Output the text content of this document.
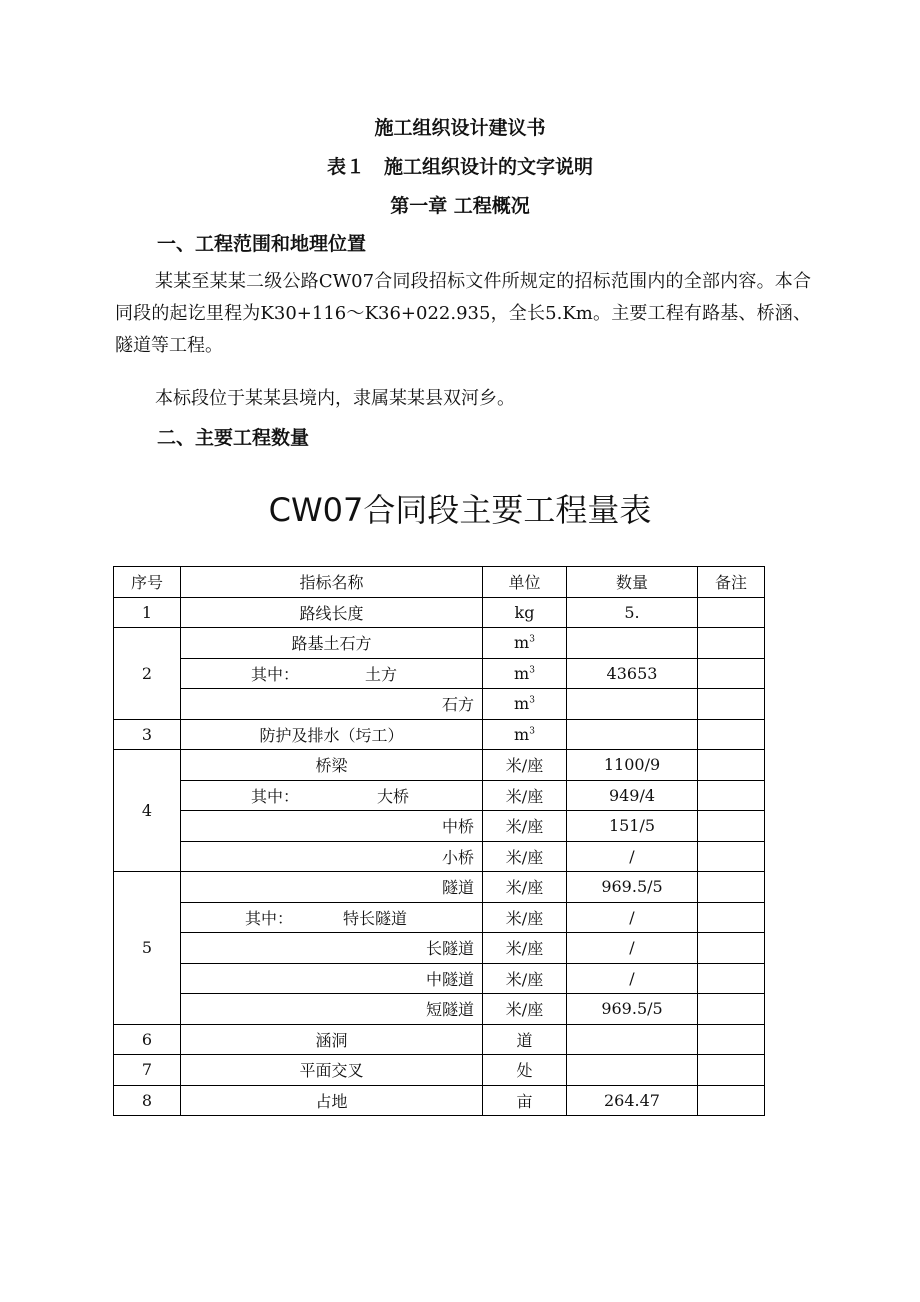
施工组织设计建议书
表１　施工组织设计的文字说明
第一章 工程概况
一、工程范围和地理位置
某某至某某二级公路CW07合同段招标文件所规定的招标范围内的全部内容。本合同段的起讫里程为K30+116～K36+022.935，全长5.Km。主要工程有路基、桥涵、隧道等工程。
本标段位于某某县境内，隶属某某县双河乡。
二、主要工程数量
CW07合同段主要工程量表
序号	指标名称	单位	数量	备注
1	路线长度	kg	5.	
2	路基土石方	$m^3$		
	其中： 土方	$m^3$	43653	
	石方	$m^3$		
3	防护及排水（圬工）	$m^3$		
4	桥梁	米/座	1100/9	
	其中： 大桥	米/座	949/4	
	中桥	米/座	151/5	
	小桥	米/座	/	
5	隧道	米/座	969.5/5	
	其中： 特长隧道	米/座	/	
	长隧道	米/座	/	
	中隧道	米/座	/	
	短隧道	米/座	969.5/5	
6	涵洞	道		
7	平面交叉	处		
8	占地	亩	264.47	
